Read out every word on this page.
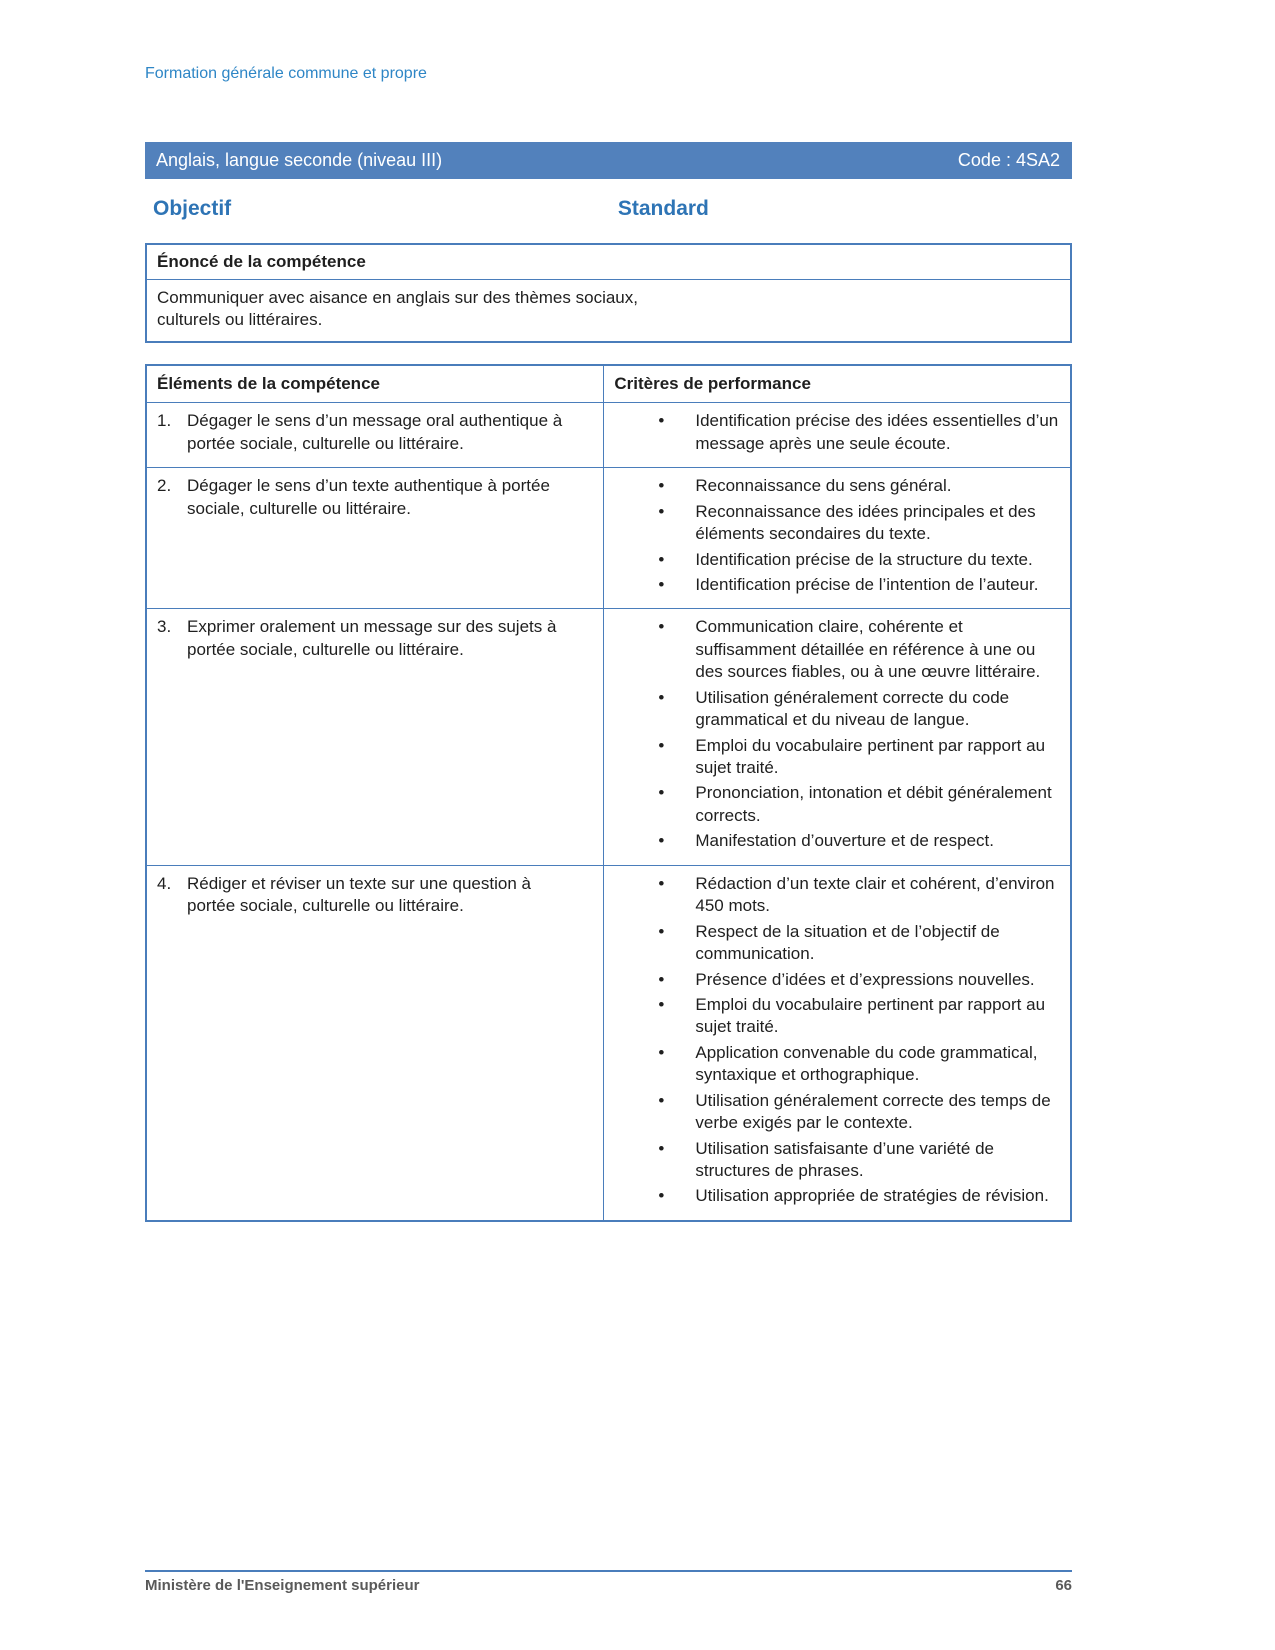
Formation générale commune et propre
Anglais, langue seconde (niveau III)	Code : 4SA2
Objectif	Standard
Énoncé de la compétence
Communiquer avec aisance en anglais sur des thèmes sociaux, culturels ou littéraires.
Éléments de la compétence	Critères de performance

1. Dégager le sens d’un message oral authentique à portée sociale, culturelle ou littéraire.

• Identification précise des idées essentielles d’un message après une seule écoute.

2. Dégager le sens d’un texte authentique à portée sociale, culturelle ou littéraire.

• Reconnaissance du sens général.
• Reconnaissance des idées principales et des éléments secondaires du texte.
• Identification précise de la structure du texte.
• Identification précise de l’intention de l’auteur.

3. Exprimer oralement un message sur des sujets à portée sociale, culturelle ou littéraire.

• Communication claire, cohérente et suffisamment détaillée en référence à une ou des sources fiables, ou à une œuvre littéraire.
• Utilisation généralement correcte du code grammatical et du niveau de langue.
• Emploi du vocabulaire pertinent par rapport au sujet traité.
• Prononciation, intonation et débit généralement corrects.
• Manifestation d’ouverture et de respect.

4. Rédiger et réviser un texte sur une question à portée sociale, culturelle ou littéraire.

• Rédaction d’un texte clair et cohérent, d’environ 450 mots.
• Respect de la situation et de l’objectif de communication.
• Présence d’idées et d’expressions nouvelles.
• Emploi du vocabulaire pertinent par rapport au sujet traité.
• Application convenable du code grammatical, syntaxique et orthographique.
• Utilisation généralement correcte des temps de verbe exigés par le contexte.
• Utilisation satisfaisante d’une variété de structures de phrases.
• Utilisation appropriée de stratégies de révision.
Ministère de l'Enseignement supérieur	66
